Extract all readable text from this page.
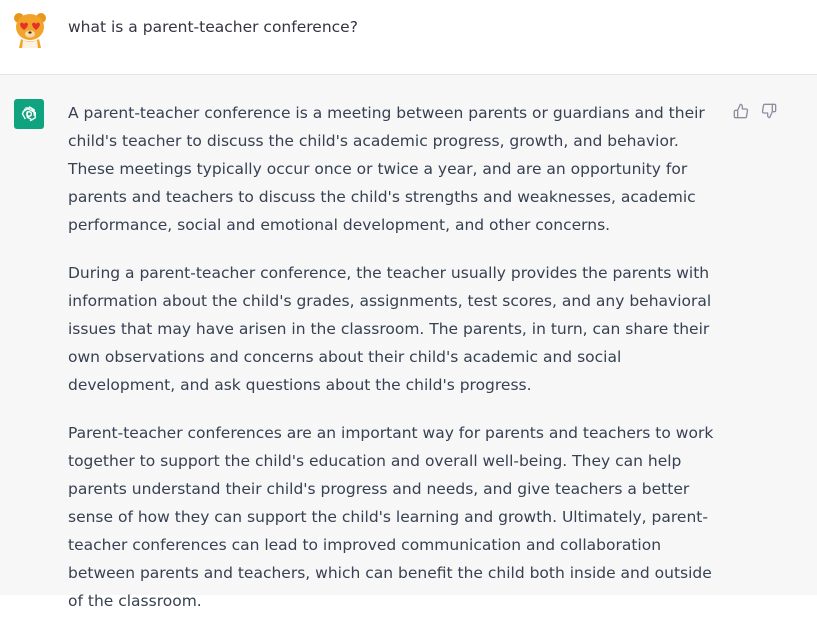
what is a parent-teacher conference?

A parent-teacher conference is a meeting between parents or guardians and their child's teacher to discuss the child's academic progress, growth, and behavior. These meetings typically occur once or twice a year, and are an opportunity for parents and teachers to discuss the child's strengths and weaknesses, academic performance, social and emotional development, and other concerns.

During a parent-teacher conference, the teacher usually provides the parents with information about the child's grades, assignments, test scores, and any behavioral issues that may have arisen in the classroom. The parents, in turn, can share their own observations and concerns about their child's academic and social development, and ask questions about the child's progress.

Parent-teacher conferences are an important way for parents and teachers to work together to support the child's education and overall well-being. They can help parents understand their child's progress and needs, and give teachers a better sense of how they can support the child's learning and growth. Ultimately, parent-teacher conferences can lead to improved communication and collaboration between parents and teachers, which can benefit the child both inside and outside of the classroom.
